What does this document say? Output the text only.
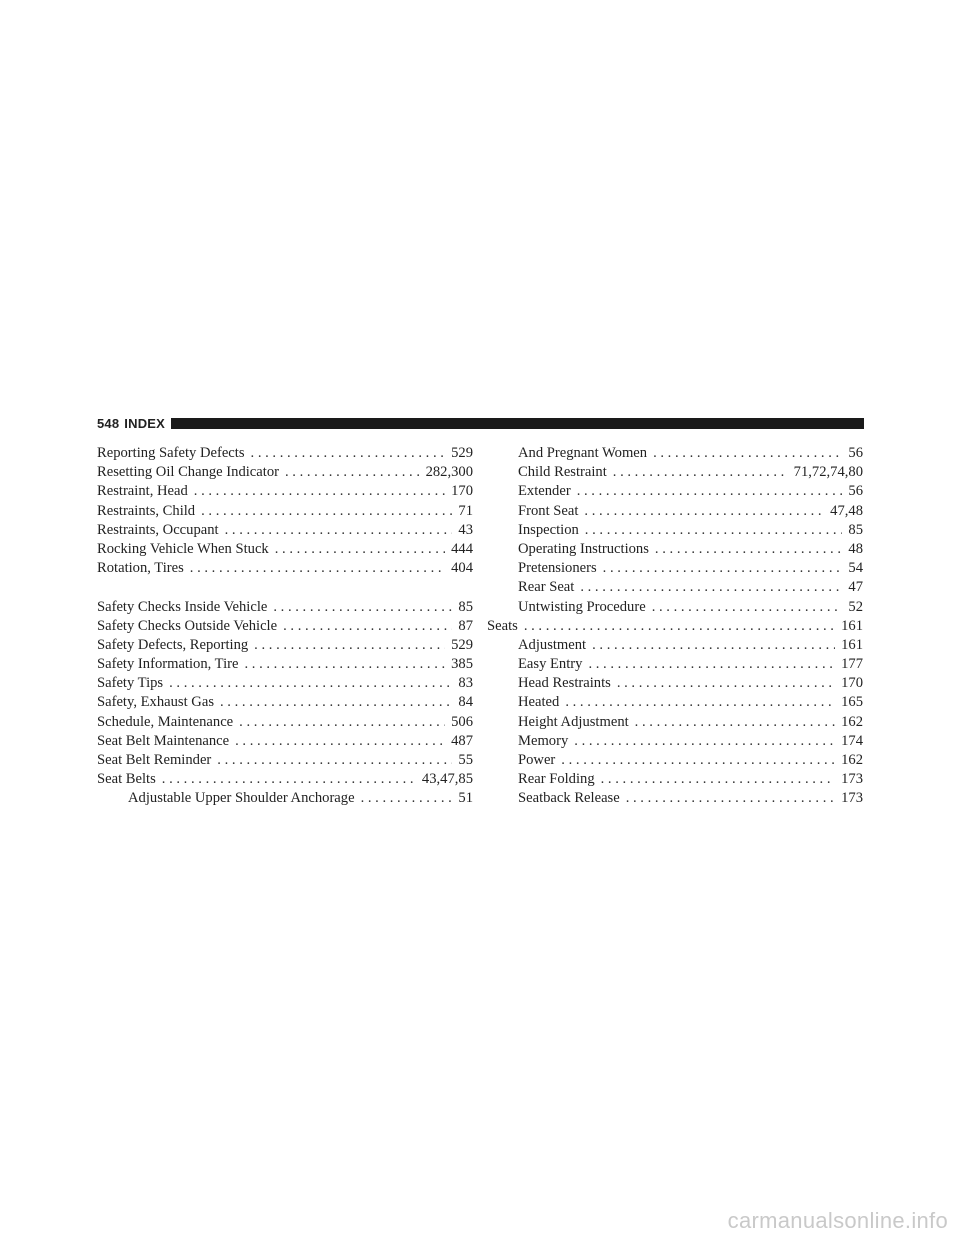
548 INDEX
Reporting Safety Defects . . .	529
Resetting Oil Change Indicator . . .	282,300
Restraint, Head . . .	170
Restraints, Child . . .	71
Restraints, Occupant . . .	43
Rocking Vehicle When Stuck . . .	444
Rotation, Tires . . .	404
Safety Checks Inside Vehicle . . .	85
Safety Checks Outside Vehicle . . .	87
Safety Defects, Reporting . . .	529
Safety Information, Tire . . .	385
Safety Tips . . .	83
Safety, Exhaust Gas . . .	84
Schedule, Maintenance . . .	506
Seat Belt Maintenance . . .	487
Seat Belt Reminder . . .	55
Seat Belts . . .	43,47,85
Adjustable Upper Shoulder Anchorage . . .	51
And Pregnant Women . . .	56
Child Restraint . . .	71,72,74,80
Extender . . .	56
Front Seat . . .	47,48
Inspection . . .	85
Operating Instructions . . .	48
Pretensioners . . .	54
Rear Seat . . .	47
Untwisting Procedure . . .	52
Seats . . .	161
Adjustment . . .	161
Easy Entry . . .	177
Head Restraints . . .	170
Heated . . .	165
Height Adjustment . . .	162
Memory . . .	174
Power . . .	162
Rear Folding . . .	173
Seatback Release . . .	173
carmanualsonline.info
